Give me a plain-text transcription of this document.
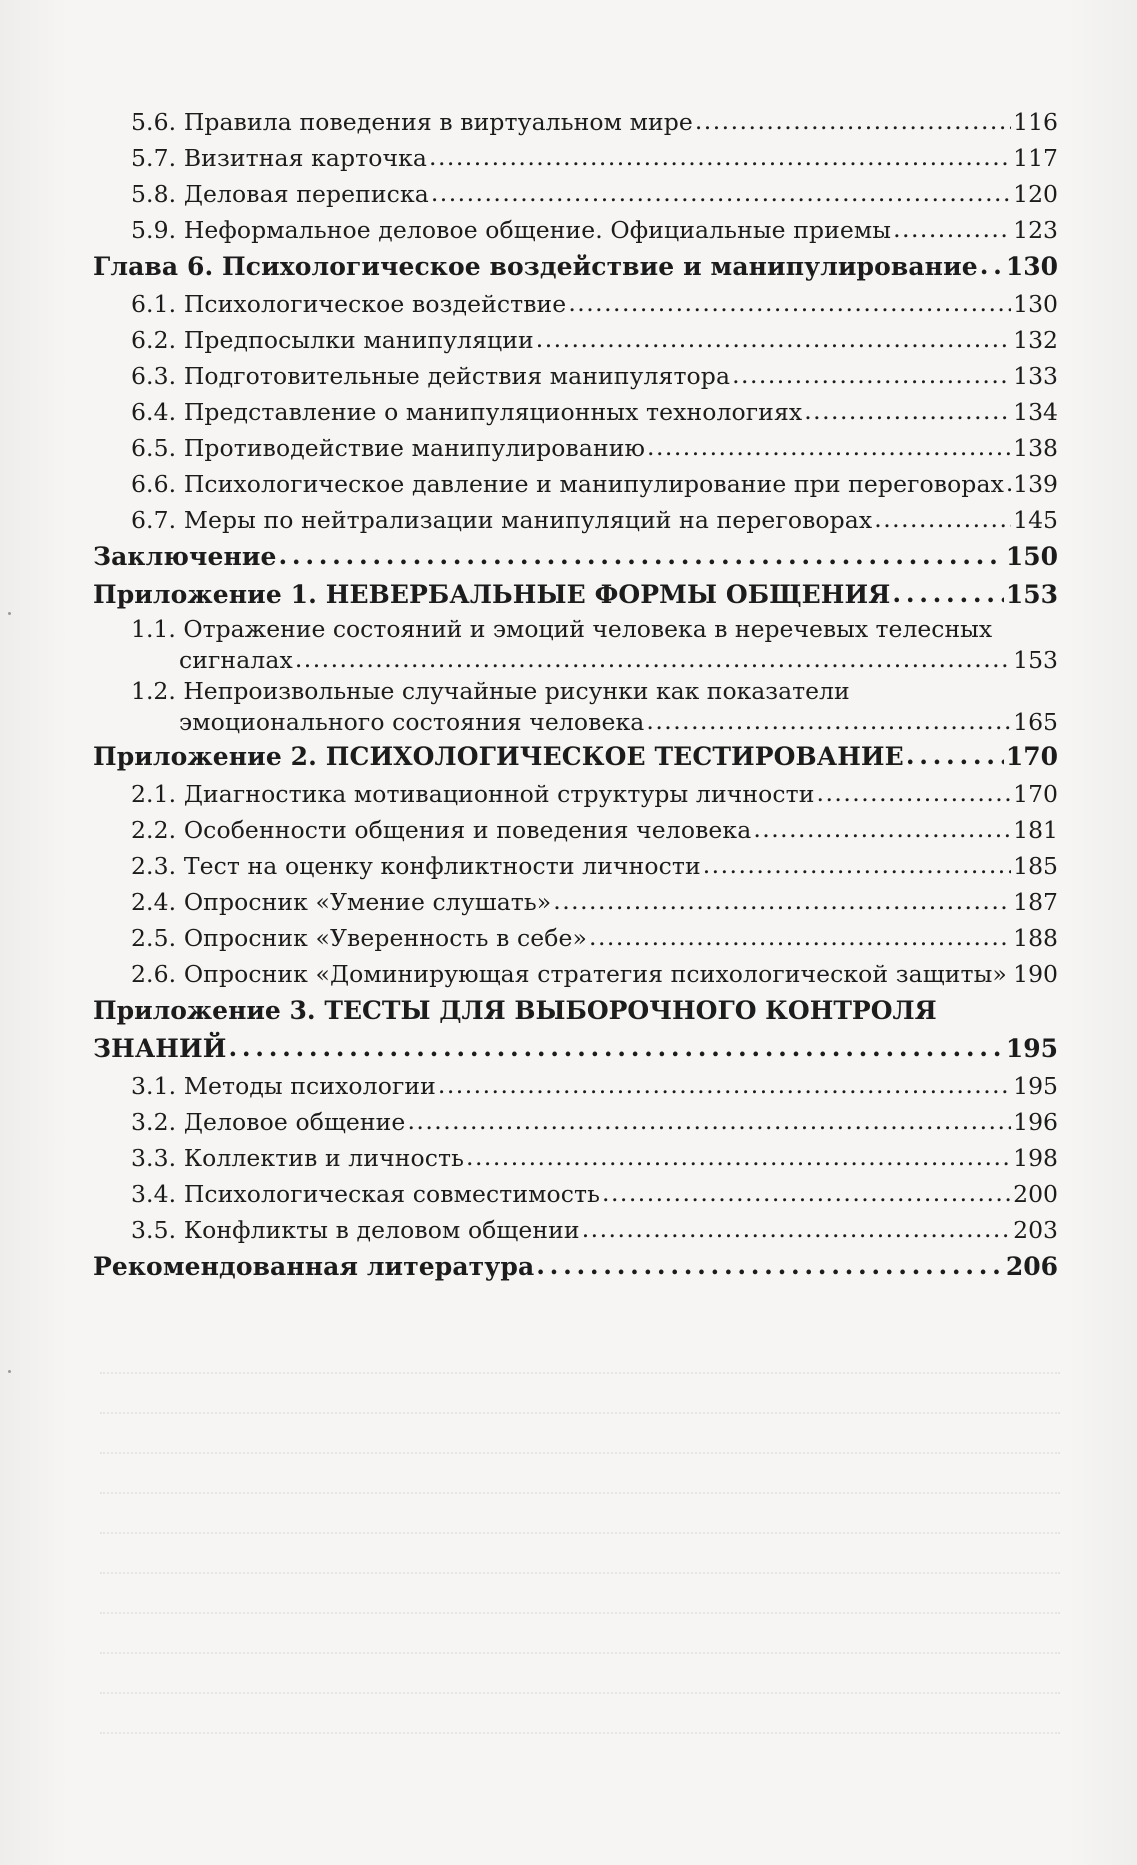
5.6. Правила поведения в виртуальном мире . . .	116
5.7. Визитная карточка . . .	117
5.8. Деловая переписка . . .	120
5.9. Неформальное деловое общение. Официальные приемы . . .	123
Глава 6. Психологическое воздействие и манипулирование . . . 130
6.1. Психологическое воздействие . . .	130
6.2. Предпосылки манипуляции . . .	132
6.3. Подготовительные действия манипулятора . . .	133
6.4. Представление о манипуляционных технологиях . . .	134
6.5. Противодействие манипулированию . . .	138
6.6. Психологическое давление и манипулирование при переговорах . . . 139
6.7. Меры по нейтрализации манипуляций на переговорах . . .	145
Заключение . . .	150
Приложение 1. НЕВЕРБАЛЬНЫЕ ФОРМЫ ОБЩЕНИЯ . . .	153
1.1. Отражение состояний и эмоций человека в неречевых телесных
сигналах . . .	153
1.2. Непроизвольные случайные рисунки как показатели
эмоционального состояния человека . . .	165
Приложение 2. ПСИХОЛОГИЧЕСКОЕ ТЕСТИРОВАНИЕ . . .	170
2.1. Диагностика мотивационной структуры личности . . .	170
2.2. Особенности общения и поведения человека . . .	181
2.3. Тест на оценку конфликтности личности . . .	185
2.4. Опросник «Умение слушать» . . .	187
2.5. Опросник «Уверенность в себе» . . .	188
2.6. Опросник «Доминирующая стратегия психологической защиты» . . . 190
Приложение 3. ТЕСТЫ ДЛЯ ВЫБОРОЧНОГО КОНТРОЛЯ
ЗНАНИЙ . . .	195
3.1. Методы психологии . . .	195
3.2. Деловое общение . . .	196
3.3. Коллектив и личность . . .	198
3.4. Психологическая совместимость . . .	200
3.5. Конфликты в деловом общении . . .	203
Рекомендованная литература . . .	206
